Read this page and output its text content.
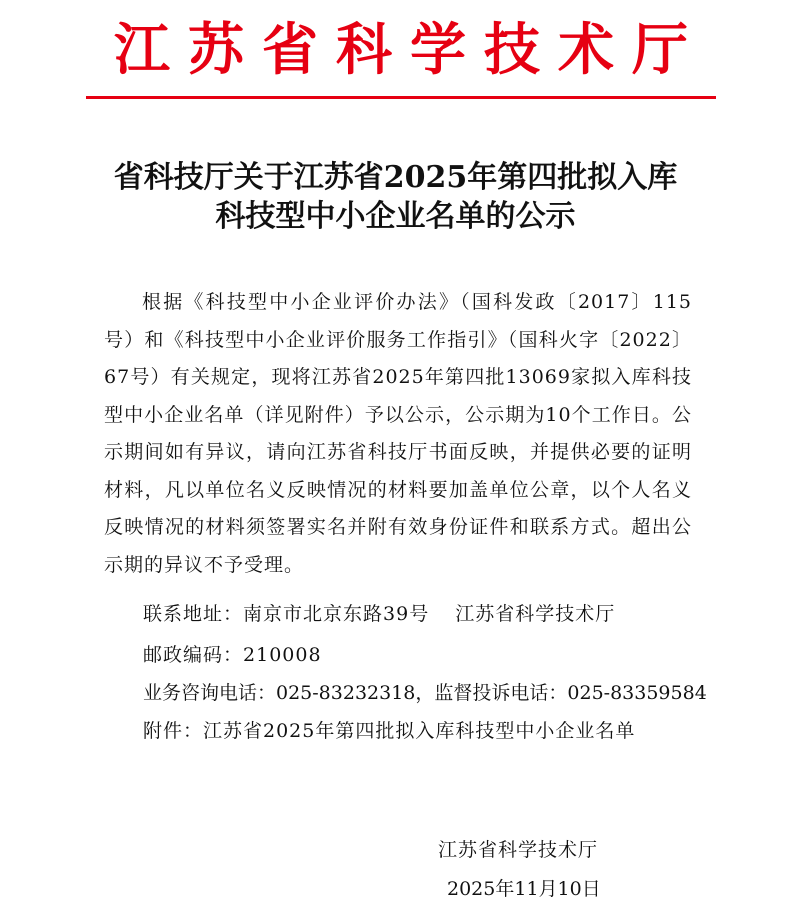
江苏省科学技术厅
省科技厅关于江苏省2025年第四批拟入库
科技型中小企业名单的公示
根据《科技型中小企业评价办法》（国科发政〔2017〕115号）和《科技型中小企业评价服务工作指引》（国科火字〔2022〕67号）有关规定，现将江苏省2025年第四批13069家拟入库科技型中小企业名单（详见附件）予以公示，公示期为10个工作日。公示期间如有异议，请向江苏省科技厅书面反映，并提供必要的证明材料，凡以单位名义反映情况的材料要加盖单位公章，以个人名义反映情况的材料须签署实名并附有效身份证件和联系方式。超出公示期的异议不予受理。
联系地址：南京市北京东路39号 江苏省科学技术厅
邮政编码：210008
业务咨询电话：025-83232318，监督投诉电话：025-83359584
附件：江苏省2025年第四批拟入库科技型中小企业名单
江苏省科学技术厅
2025年11月10日
